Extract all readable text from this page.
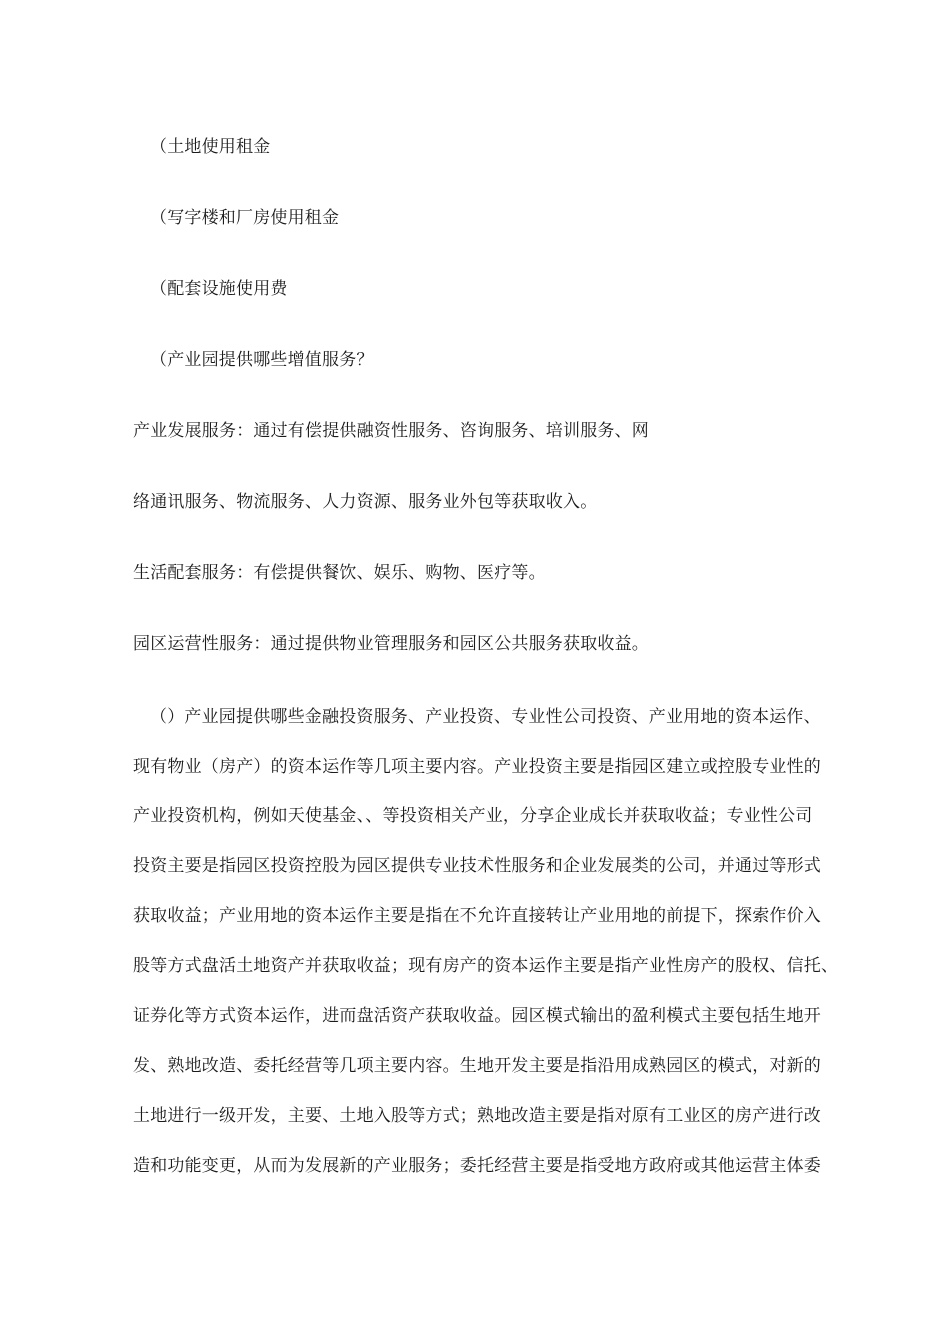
（土地使用租金
（写字楼和厂房使用租金
（配套设施使用费
（产业园提供哪些增值服务？
产业发展服务：通过有偿提供融资性服务、咨询服务、培训服务、网
络通讯服务、物流服务、人力资源、服务业外包等获取收入。
生活配套服务：有偿提供餐饮、娱乐、购物、医疗等。
园区运营性服务：通过提供物业管理服务和园区公共服务获取收益。
（）产业园提供哪些金融投资服务、产业投资、专业性公司投资、产业用地的资本运作、
现有物业（房产）的资本运作等几项主要内容。产业投资主要是指园区建立或控股专业性的
产业投资机构，例如天使基金、、等投资相关产业，分享企业成长并获取收益；专业性公司
投资主要是指园区投资控股为园区提供专业技术性服务和企业发展类的公司，并通过等形式
获取收益；产业用地的资本运作主要是指在不允许直接转让产业用地的前提下，探索作价入
股等方式盘活土地资产并获取收益；现有房产的资本运作主要是指产业性房产的股权、信托、
证券化等方式资本运作，进而盘活资产获取收益。园区模式输出的盈利模式主要包括生地开
发、熟地改造、委托经营等几项主要内容。生地开发主要是指沿用成熟园区的模式，对新的
土地进行一级开发，主要、土地入股等方式；熟地改造主要是指对原有工业区的房产进行改
造和功能变更，从而为发展新的产业服务；委托经营主要是指受地方政府或其他运营主体委
